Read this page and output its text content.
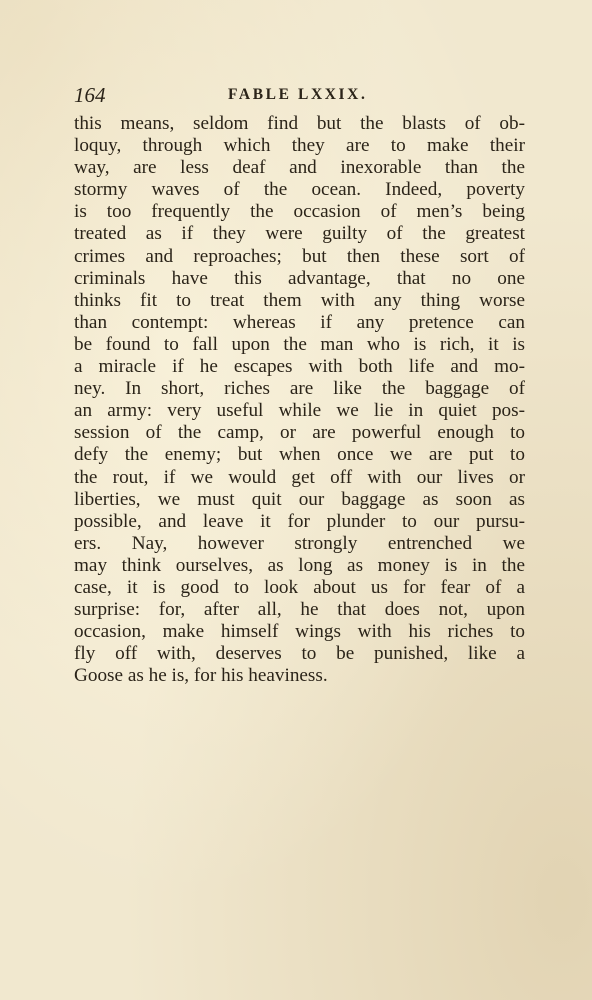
164	FABLE LXXIX.
this means, seldom find but the blasts of ob-
loquy, through which they are to make their
way, are less deaf and inexorable than the
stormy waves of the ocean. Indeed, poverty
is too frequently the occasion of men’s being
treated as if they were guilty of the greatest
crimes and reproaches; but then these sort of
criminals have this advantage, that no one
thinks fit to treat them with any thing worse
than contempt: whereas if any pretence can
be found to fall upon the man who is rich, it is
a miracle if he escapes with both life and mo-
ney. In short, riches are like the baggage of
an army: very useful while we lie in quiet pos-
session of the camp, or are powerful enough to
defy the enemy; but when once we are put to
the rout, if we would get off with our lives or
liberties, we must quit our baggage as soon as
possible, and leave it for plunder to our pursu-
ers. Nay, however strongly entrenched we
may think ourselves, as long as money is in the
case, it is good to look about us for fear of a
surprise: for, after all, he that does not, upon
occasion, make himself wings with his riches to
fly off with, deserves to be punished, like a
Goose as he is, for his heaviness.
